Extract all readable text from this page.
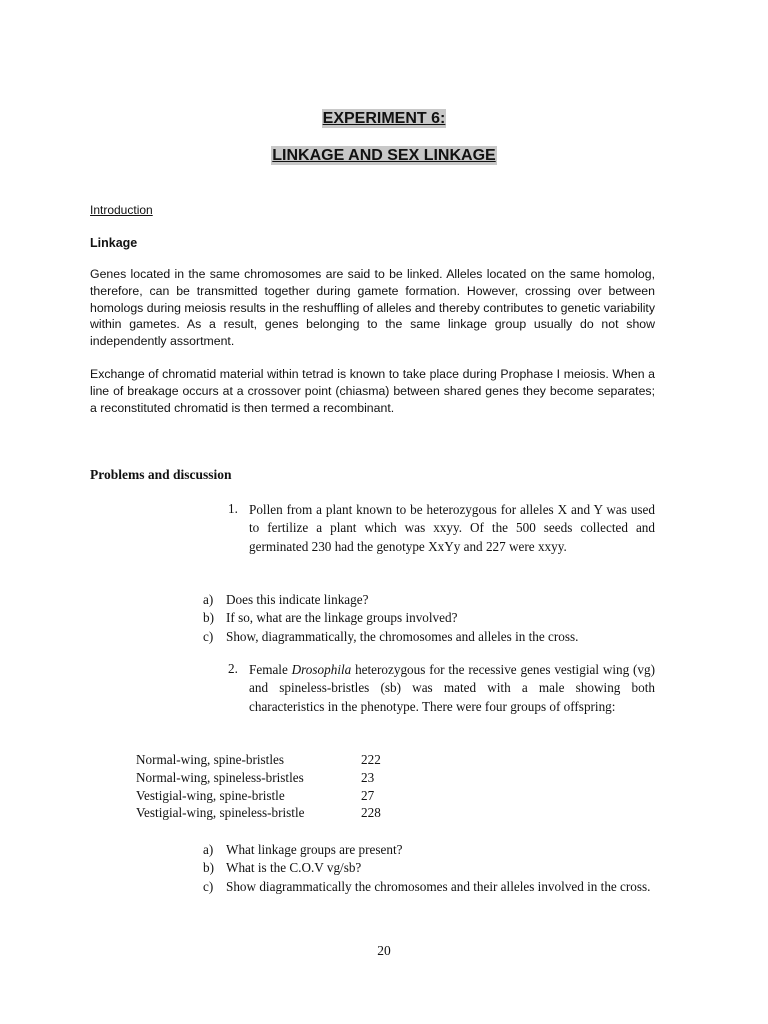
EXPERIMENT 6:
LINKAGE AND SEX LINKAGE
Introduction
Linkage

Genes located in the same chromosomes are said to be linked. Alleles located on the same homolog, therefore, can be transmitted together during gamete formation. However, crossing over between homologs during meiosis results in the reshuffling of alleles and thereby contributes to genetic variability within gametes. As a result, genes belonging to the same linkage group usually do not show independently assortment.

Exchange of chromatid material within tetrad is known to take place during Prophase I meiosis. When a line of breakage occurs at a crossover point (chiasma) between shared genes they become separates; a reconstituted chromatid is then termed a recombinant.

Problems and discussion
1. Pollen from a plant known to be heterozygous for alleles X and Y was used to fertilize a plant which was xxyy. Of the 500 seeds collected and germinated 230 had the genotype XxYy and 227 were xxyy.

a) Does this indicate linkage?
b) If so, what are the linkage groups involved?
c) Show, diagrammatically, the chromosomes and alleles in the cross.
2. Female Drosophila heterozygous for the recessive genes vestigial wing (vg) and spineless-bristles (sb) was mated with a male showing both characteristics in the phenotype. There were four groups of offspring:

Normal-wing, spine-bristles	222
Normal-wing, spineless-bristles	23
Vestigial-wing, spine-bristle	27
Vestigial-wing, spineless-bristle	228
a) What linkage groups are present?
b) What is the C.O.V vg/sb?
c) Show diagrammatically the chromosomes and their alleles involved in the cross.
20
